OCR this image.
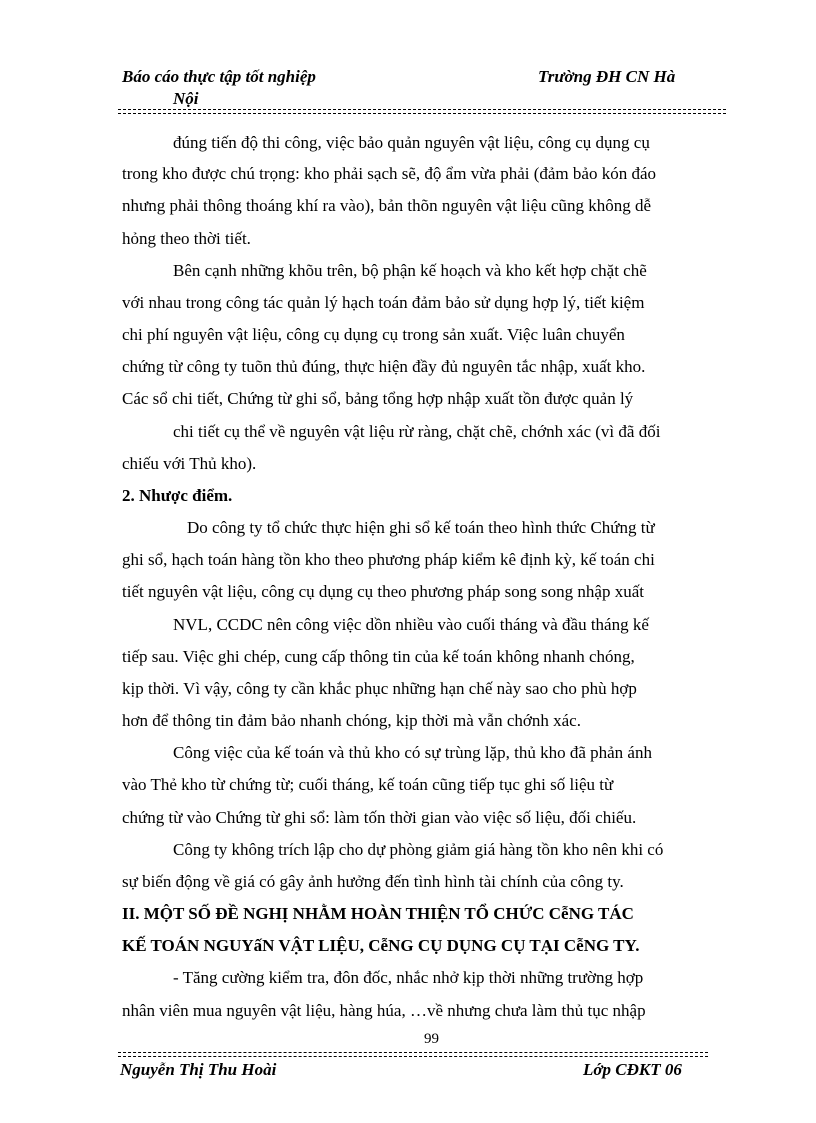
Báo cáo thực tập tốt nghiệp
Nội
Trường ĐH CN Hà
đúng tiến độ thi công, việc bảo quản nguyên vật liệu, công cụ dụng cụ
trong kho được chú trọng: kho phải sạch sẽ, độ ẩm vừa phải (đảm bảo kón đáo
nhưng phải thông thoáng khí ra vào), bản thõn nguyên vật liệu cũng không dễ
hỏng theo thời tiết.
Bên cạnh những khõu trên, bộ phận kế hoạch và kho kết hợp chặt chẽ
với nhau trong công tác quản lý hạch toán đảm bảo sử dụng hợp lý, tiết kiệm
chi phí nguyên vật liệu, công cụ dụng cụ trong sản xuất. Việc luân chuyển
chứng từ công ty tuõn thủ đúng, thực hiện đầy đủ nguyên tắc nhập, xuất kho.
Các sổ chi tiết, Chứng từ ghi sổ, bảng tổng hợp nhập xuất tồn được quản lý
chi tiết cụ thể về nguyên vật liệu rừ ràng, chặt chẽ, chớnh xác (vì đã đối
chiếu với Thủ kho).
2. Nhược điểm.
Do công ty tổ chức thực hiện ghi sổ kế toán theo hình thức Chứng từ
ghi sổ, hạch toán hàng tồn kho theo phương pháp kiểm kê định kỳ, kế toán chi
tiết nguyên vật liệu, công cụ dụng cụ theo phương pháp song song nhập xuất
NVL, CCDC nên công việc dồn nhiều vào cuối tháng và đầu tháng kế
tiếp sau. Việc ghi chép, cung cấp thông tin của kế toán không nhanh chóng,
kịp thời. Vì vậy, công ty cần khắc phục những hạn chế này sao cho phù hợp
hơn để thông tin đảm bảo nhanh chóng, kịp thời mà vẫn chớnh xác.
Công việc của kế toán và thủ kho có sự trùng lặp, thủ kho đã phản ánh
vào Thẻ kho từ chứng từ; cuối tháng, kế toán cũng tiếp tục ghi số liệu từ
chứng từ vào Chứng từ ghi sổ: làm tốn thời gian vào việc số liệu, đối chiếu.
Công ty không trích lập cho dự phòng giảm giá hàng tồn kho nên khi có
sự biến động về giá có gây ảnh hưởng đến tình hình tài chính của công ty.
II. MỘT SỐ ĐỀ NGHỊ NHẰM HOÀN THIỆN TỔ CHỨC CễNG TÁC
KẾ TOÁN NGUYấN VẬT LIỆU, CễNG CỤ DỤNG CỤ TẠI CễNG TY.
- Tăng cường kiểm tra, đôn đốc, nhắc nhở kịp thời những trường hợp
nhân viên mua nguyên vật liệu, hàng húa, …về nhưng chưa làm thủ tục nhập
99
Nguyễn Thị Thu Hoài	Lớp CĐKT 06
